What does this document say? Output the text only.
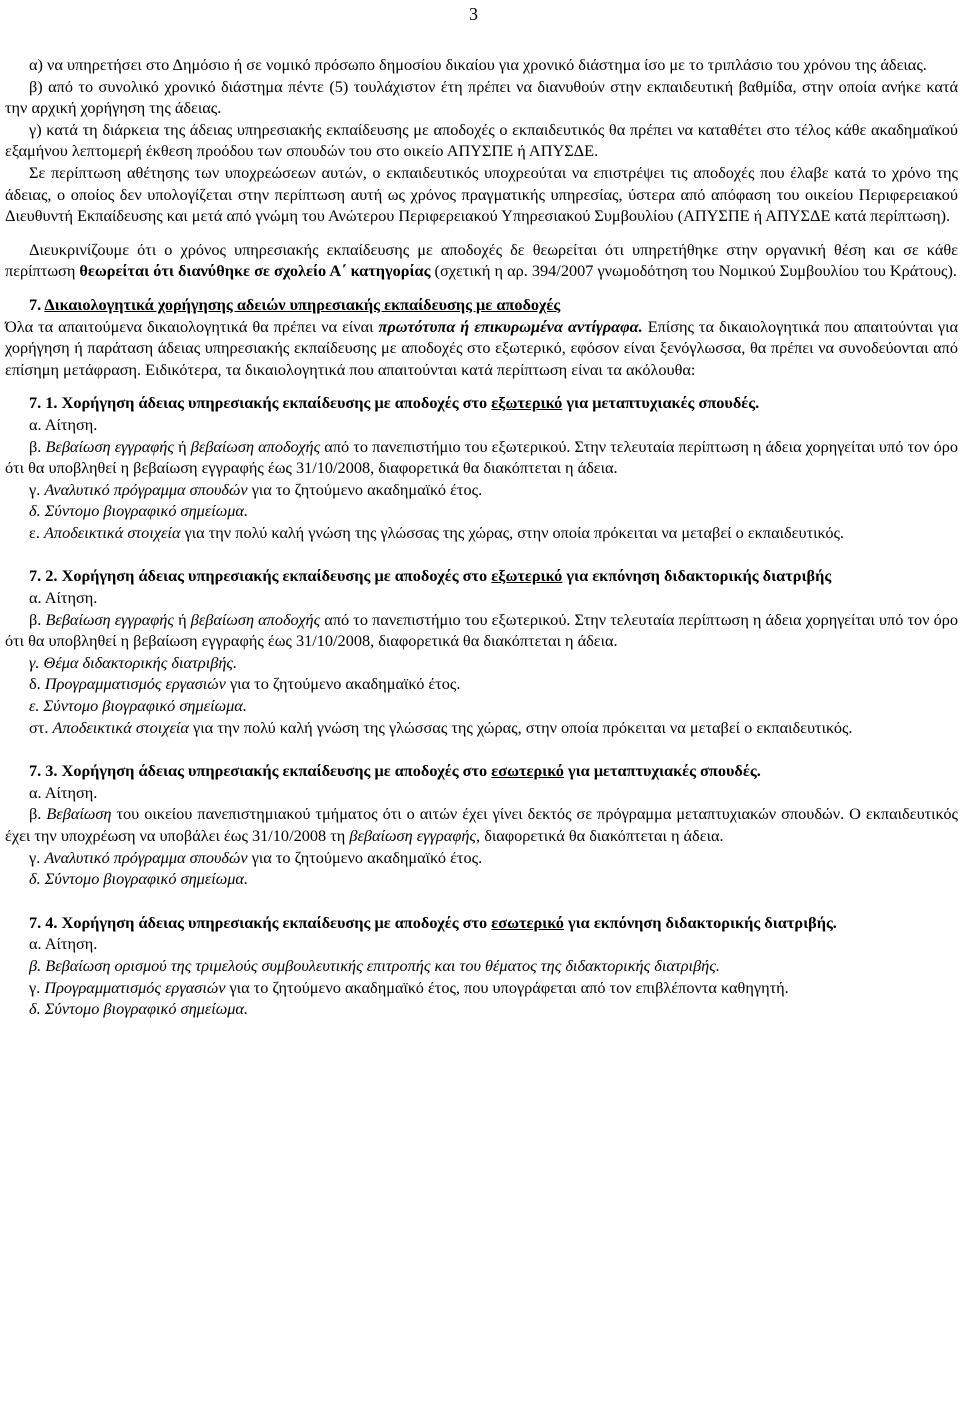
3

α) να υπηρετήσει στο Δημόσιο ή σε νομικό πρόσωπο δημοσίου δικαίου για χρονικό διάστημα ίσο με το τριπλάσιο του χρόνου της άδειας.

β) από το συνολικό χρονικό διάστημα πέντε (5) τουλάχιστον έτη πρέπει να διανυθούν στην εκπαιδευτική βαθμίδα, στην οποία ανήκε κατά την αρχική χορήγηση της άδειας.

γ) κατά τη διάρκεια της άδειας υπηρεσιακής εκπαίδευσης με αποδοχές ο εκπαιδευτικός θα πρέπει να καταθέτει στο τέλος κάθε ακαδημαϊκού εξαμήνου λεπτομερή έκθεση προόδου των σπουδών του στο οικείο ΑΠΥΣΠΕ ή ΑΠΥΣΔΕ.

Σε περίπτωση αθέτησης των υποχρεώσεων αυτών, ο εκπαιδευτικός υποχρεούται να επιστρέψει τις αποδοχές που έλαβε κατά το χρόνο της άδειας, ο οποίος δεν υπολογίζεται στην περίπτωση αυτή ως χρόνος πραγματικής υπηρεσίας, ύστερα από απόφαση του οικείου Περιφερειακού Διευθυντή Εκπαίδευσης και μετά από γνώμη του Ανώτερου Περιφερειακού Υπηρεσιακού Συμβουλίου (ΑΠΥΣΠΕ ή ΑΠΥΣΔΕ κατά περίπτωση).

Διευκρινίζουμε ότι ο χρόνος υπηρεσιακής εκπαίδευσης με αποδοχές δε θεωρείται ότι υπηρετήθηκε στην οργανική θέση και σε κάθε περίπτωση θεωρείται ότι διανύθηκε σε σχολείο Α΄ κατηγορίας (σχετική η αρ. 394/2007 γνωμοδότηση του Νομικού Συμβουλίου του Κράτους).

7. Δικαιολογητικά χορήγησης αδειών υπηρεσιακής εκπαίδευσης με αποδοχές

Όλα τα απαιτούμενα δικαιολογητικά θα πρέπει να είναι πρωτότυπα ή επικυρωμένα αντίγραφα. Επίσης τα δικαιολογητικά που απαιτούνται για χορήγηση ή παράταση άδειας υπηρεσιακής εκπαίδευσης με αποδοχές στο εξωτερικό, εφόσον είναι ξενόγλωσσα, θα πρέπει να συνοδεύονται από επίσημη μετάφραση. Ειδικότερα, τα δικαιολογητικά που απαιτούνται κατά περίπτωση είναι τα ακόλουθα:

7. 1. Χορήγηση άδειας υπηρεσιακής εκπαίδευσης με αποδοχές στο εξωτερικό για μεταπτυχιακές σπουδές.

α. Αίτηση.

β. Βεβαίωση εγγραφής ή βεβαίωση αποδοχής από το πανεπιστήμιο του εξωτερικού. Στην τελευταία περίπτωση η άδεια χορηγείται υπό τον όρο ότι θα υποβληθεί η βεβαίωση εγγραφής έως 31/10/2008, διαφορετικά θα διακόπτεται η άδεια.

γ. Αναλυτικό πρόγραμμα σπουδών για το ζητούμενο ακαδημαϊκό έτος.

δ. Σύντομο βιογραφικό σημείωμα.

ε. Αποδεικτικά στοιχεία για την πολύ καλή γνώση της γλώσσας της χώρας, στην οποία πρόκειται να μεταβεί ο εκπαιδευτικός.

7. 2. Χορήγηση άδειας υπηρεσιακής εκπαίδευσης με αποδοχές στο εξωτερικό για εκπόνηση διδακτορικής διατριβής

α. Αίτηση.

β. Βεβαίωση εγγραφής ή βεβαίωση αποδοχής από το πανεπιστήμιο του εξωτερικού. Στην τελευταία περίπτωση η άδεια χορηγείται υπό τον όρο ότι θα υποβληθεί η βεβαίωση εγγραφής έως 31/10/2008, διαφορετικά θα διακόπτεται η άδεια.

γ. Θέμα διδακτορικής διατριβής.

δ. Προγραμματισμός εργασιών για το ζητούμενο ακαδημαϊκό έτος.

ε. Σύντομο βιογραφικό σημείωμα.

στ. Αποδεικτικά στοιχεία για την πολύ καλή γνώση της γλώσσας της χώρας, στην οποία πρόκειται να μεταβεί ο εκπαιδευτικός.

7. 3. Χορήγηση άδειας υπηρεσιακής εκπαίδευσης με αποδοχές στο εσωτερικό για μεταπτυχιακές σπουδές.

α. Αίτηση.

β. Βεβαίωση του οικείου πανεπιστημιακού τμήματος ότι ο αιτών έχει γίνει δεκτός σε πρόγραμμα μεταπτυχιακών σπουδών. Ο εκπαιδευτικός έχει την υποχρέωση να υποβάλει έως 31/10/2008 τη βεβαίωση εγγραφής, διαφορετικά θα διακόπτεται η άδεια.

γ. Αναλυτικό πρόγραμμα σπουδών για το ζητούμενο ακαδημαϊκό έτος.

δ. Σύντομο βιογραφικό σημείωμα.

7. 4. Χορήγηση άδειας υπηρεσιακής εκπαίδευσης με αποδοχές στο εσωτερικό για εκπόνηση διδακτορικής διατριβής.

α. Αίτηση.

β. Βεβαίωση ορισμού της τριμελούς συμβουλευτικής επιτροπής και του θέματος της διδακτορικής διατριβής.

γ. Προγραμματισμός εργασιών για το ζητούμενο ακαδημαϊκό έτος, που υπογράφεται από τον επιβλέποντα καθηγητή.

δ. Σύντομο βιογραφικό σημείωμα.
